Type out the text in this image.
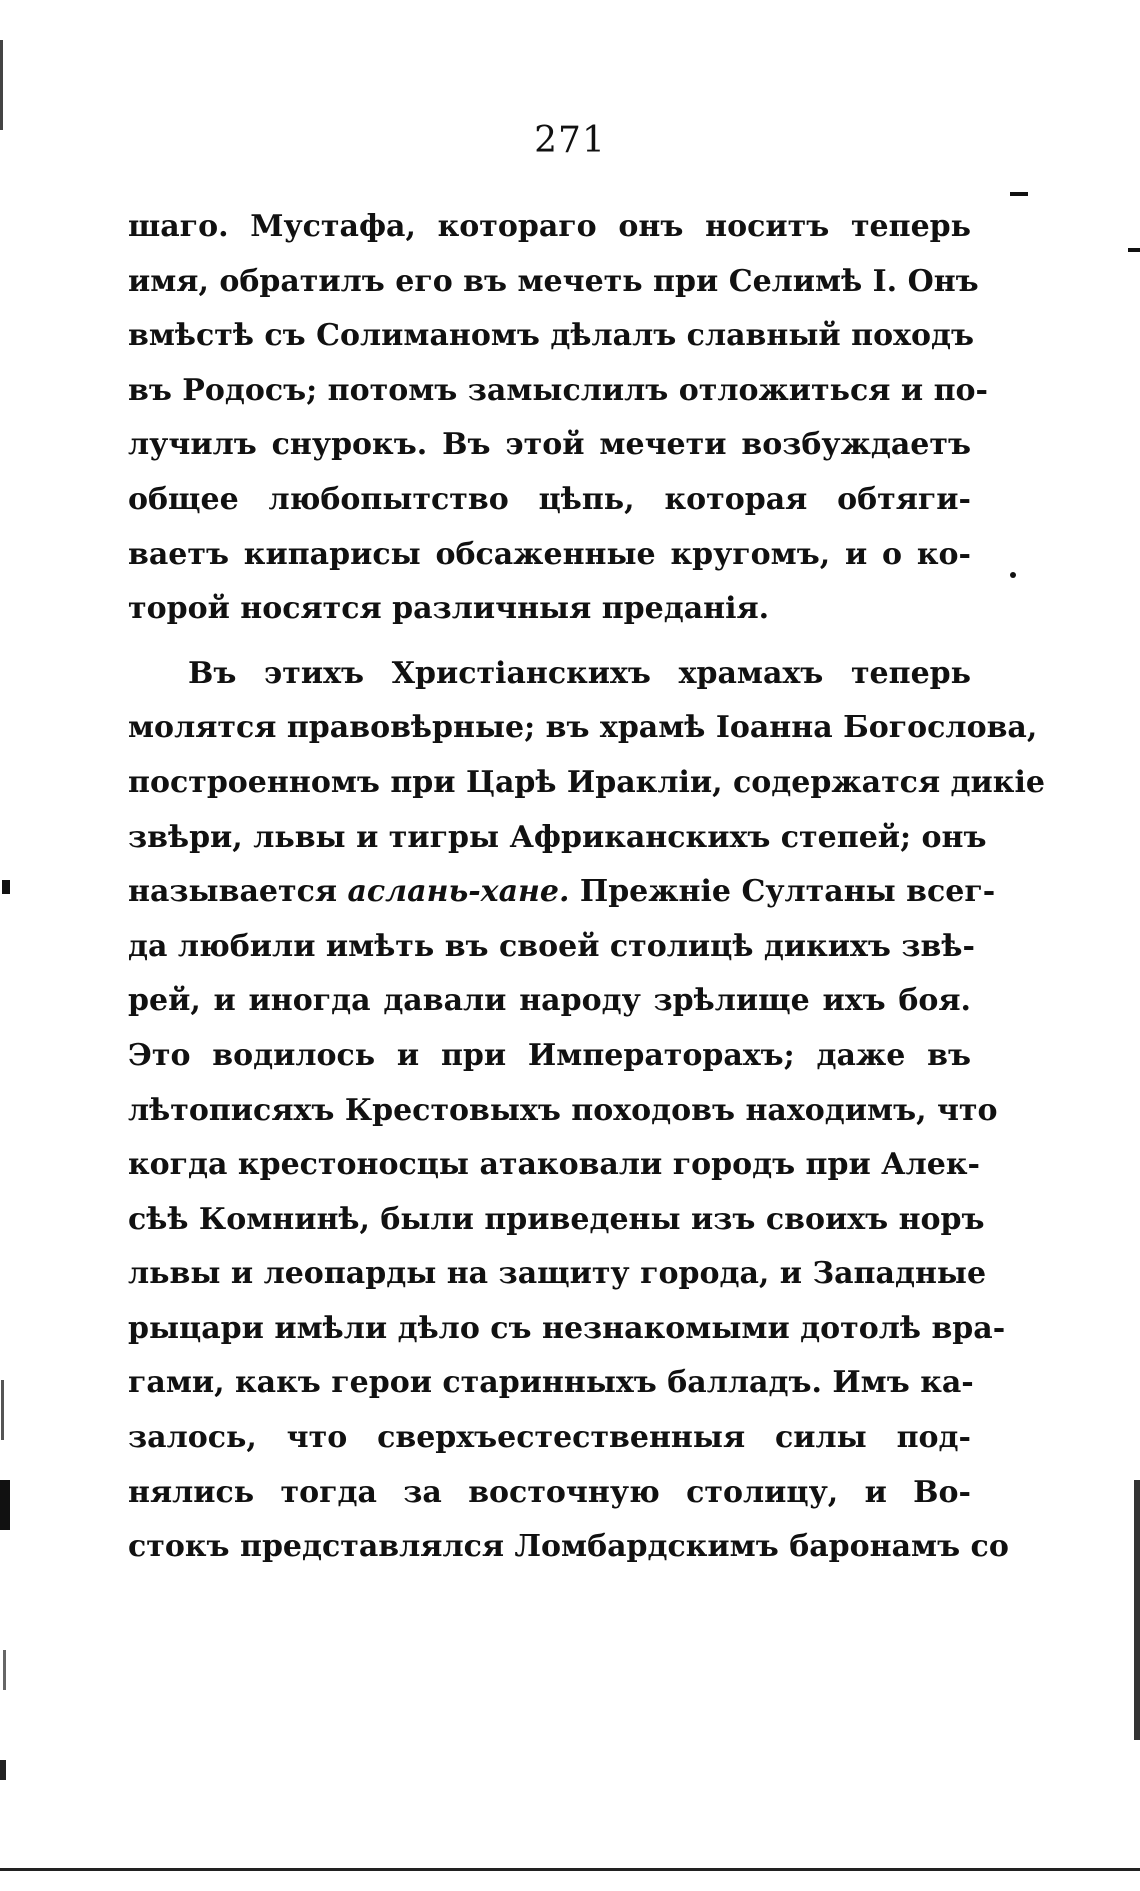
271
шаго. Мустафа, котораго онъ носитъ теперь
имя, обратилъ его въ мечеть при Селимѣ I. Онъ
вмѣстѣ съ Солиманомъ дѣлалъ славный походъ
въ Родосъ; потомъ замыслилъ отложиться и по-
лучилъ снурокъ. Въ этой мечети возбуждаетъ
общее любопытство цѣпь, которая обтяги-
ваетъ кипарисы обсаженные кругомъ, и о ко-
торой носятся различныя преданія.
Въ этихъ Христіанскихъ храмахъ теперь
молятся правовѣрные; въ храмѣ Іоанна Богослова,
построенномъ при Царѣ Иракліи, содержатся дикіе
звѣри, львы и тигры Африканскихъ степей; онъ
называется аслань-хане. Прежніе Султаны всег-
да любили имѣть въ своей столицѣ дикихъ звѣ-
рей, и иногда давали народу зрѣлище ихъ боя.
Это водилось и при Императорахъ; даже въ
лѣтописяхъ Крестовыхъ походовъ находимъ, что
когда крестоносцы атаковали городъ при Алек-
сѣѣ Комнинѣ, были приведены изъ своихъ норъ
львы и леопарды на защиту города, и Западные
рыцари имѣли дѣло съ незнакомыми дотолѣ вра-
гами, какъ герои старинныхъ балладъ. Имъ ка-
залось, что сверхъестественныя силы под-
нялись тогда за восточную столицу, и Во-
стокъ представлялся Ломбардскимъ баронамъ со
